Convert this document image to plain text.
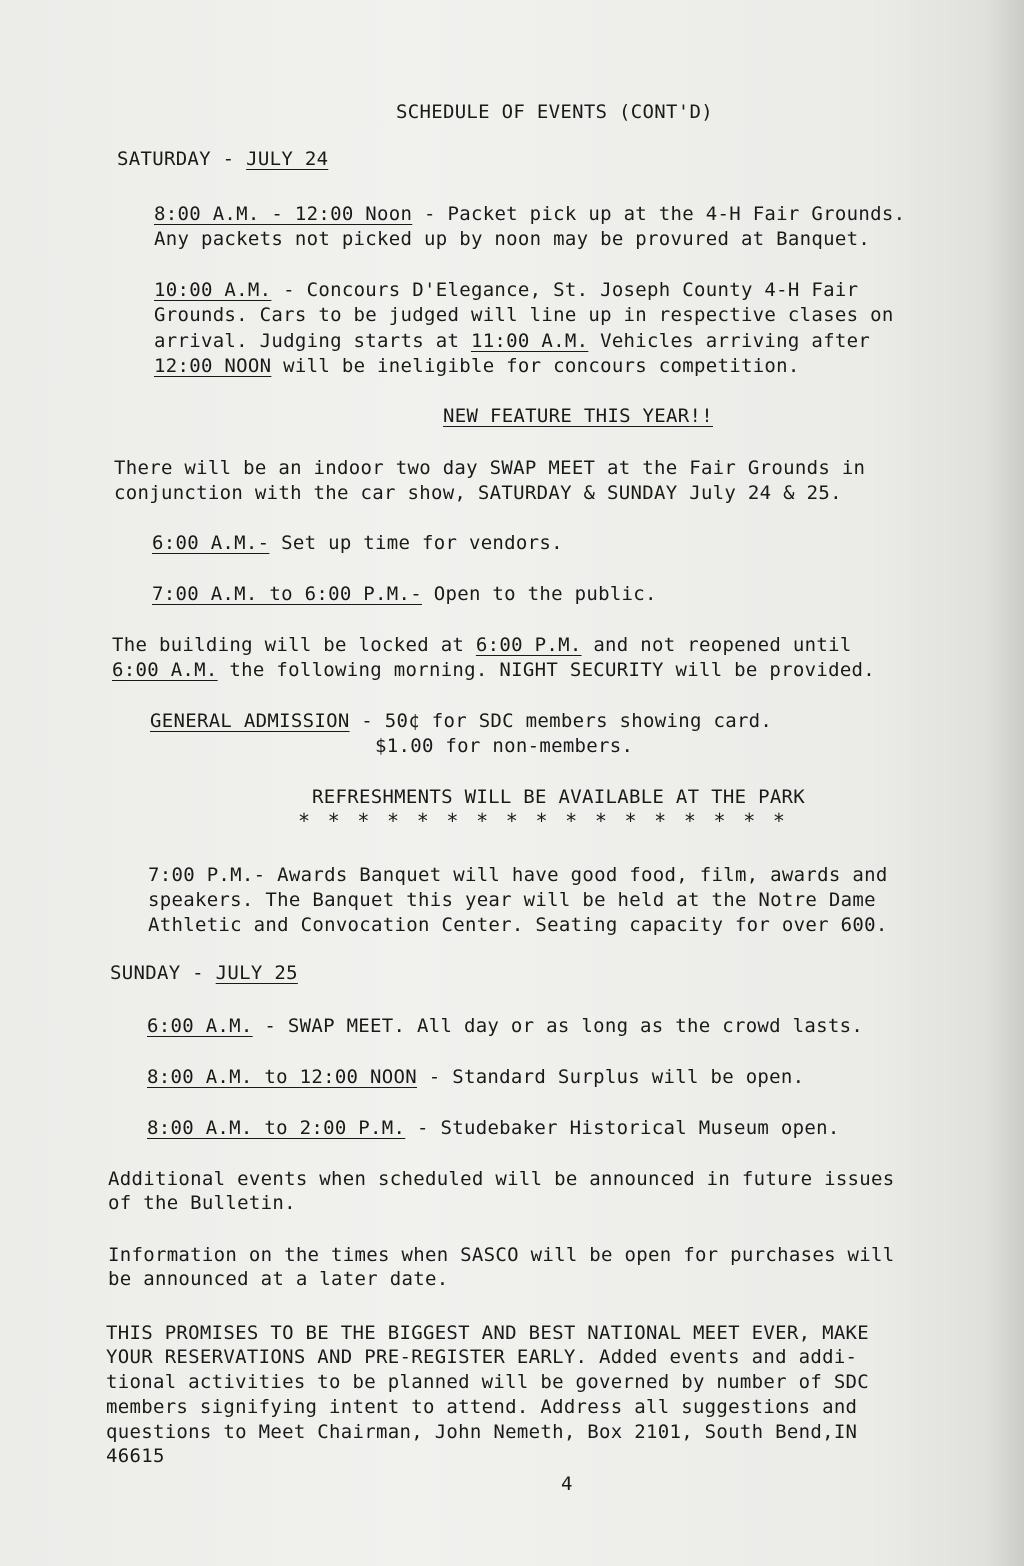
SCHEDULE OF EVENTS (CONT'D)
SATURDAY - JULY 24
8:00 A.M. - 12:00 Noon - Packet pick up at the 4-H Fair Grounds.
Any packets not picked up by noon may be provured at Banquet.
10:00 A.M. - Concours D'Elegance, St. Joseph County 4-H Fair
Grounds. Cars to be judged will line up in respective clases on
arrival. Judging starts at 11:00 A.M. Vehicles arriving after
12:00 NOON will be ineligible for concours competition.
NEW FEATURE THIS YEAR!!
There will be an indoor two day SWAP MEET at the Fair Grounds in
conjunction with the car show, SATURDAY & SUNDAY July 24 & 25.
6:00 A.M.- Set up time for vendors.
7:00 A.M. to 6:00 P.M.- Open to the public.
The building will be locked at 6:00 P.M. and not reopened until
6:00 A.M. the following morning. NIGHT SECURITY will be provided.
GENERAL ADMISSION - 50¢ for SDC members showing card.
$1.00 for non-members.
REFRESHMENTS WILL BE AVAILABLE AT THE PARK
* * * * * * * * * * * * * * * * *
7:00 P.M.- Awards Banquet will have good food, film, awards and
speakers. The Banquet this year will be held at the Notre Dame
Athletic and Convocation Center. Seating capacity for over 600.
SUNDAY - JULY 25
6:00 A.M. - SWAP MEET. All day or as long as the crowd lasts.
8:00 A.M. to 12:00 NOON - Standard Surplus will be open.
8:00 A.M. to 2:00 P.M. - Studebaker Historical Museum open.
Additional events when scheduled will be announced in future issues
of the Bulletin.
Information on the times when SASCO will be open for purchases will
be announced at a later date.
THIS PROMISES TO BE THE BIGGEST AND BEST NATIONAL MEET EVER, MAKE
YOUR RESERVATIONS AND PRE-REGISTER EARLY. Added events and addi-
tional activities to be planned will be governed by number of SDC
members signifying intent to attend. Address all suggestions and
questions to Meet Chairman, John Nemeth, Box 2101, South Bend,IN
46615
4
